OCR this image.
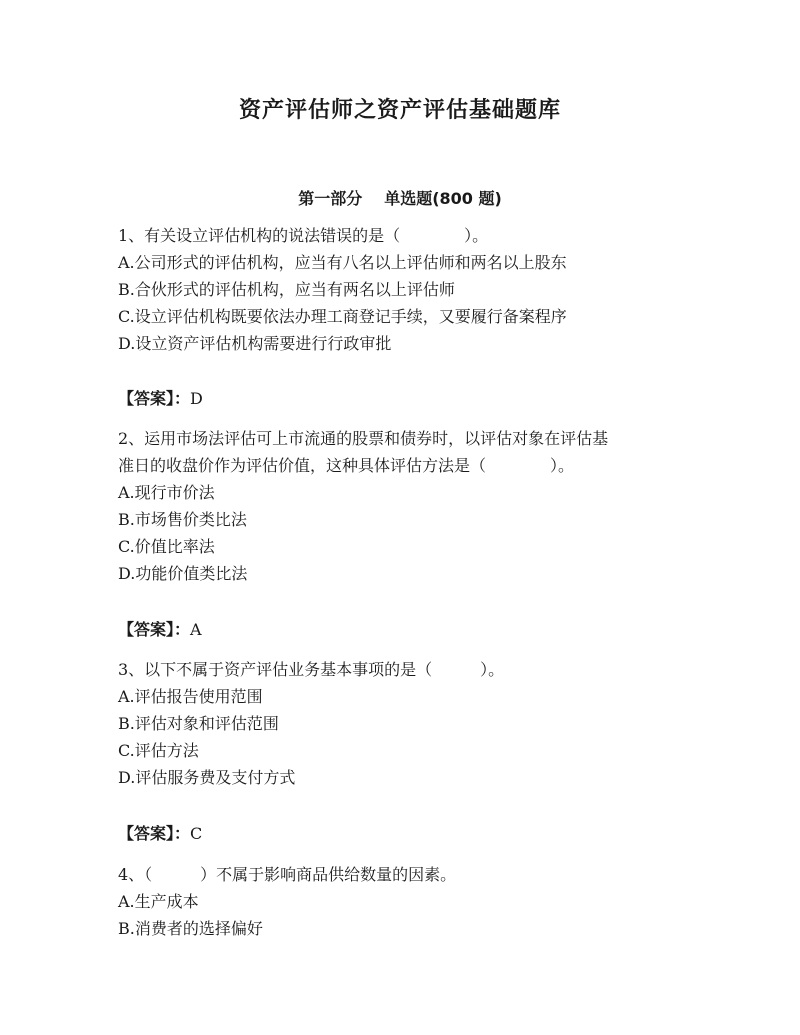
资产评估师之资产评估基础题库
第一部分 单选题(800 题)
1、有关设立评估机构的说法错误的是（　　　　）。
A.公司形式的评估机构，应当有八名以上评估师和两名以上股东
B.合伙形式的评估机构，应当有两名以上评估师
C.设立评估机构既要依法办理工商登记手续，又要履行备案程序
D.设立资产评估机构需要进行行政审批
【答案】：D
2、运用市场法评估可上市流通的股票和债券时，以评估对象在评估基
准日的收盘价作为评估价值，这种具体评估方法是（　　　　）。
A.现行市价法
B.市场售价类比法
C.价值比率法
D.功能价值类比法
【答案】：A
3、以下不属于资产评估业务基本事项的是（　　　）。
A.评估报告使用范围
B.评估对象和评估范围
C.评估方法
D.评估服务费及支付方式
【答案】：C
4、（　　　）不属于影响商品供给数量的因素。
A.生产成本
B.消费者的选择偏好
